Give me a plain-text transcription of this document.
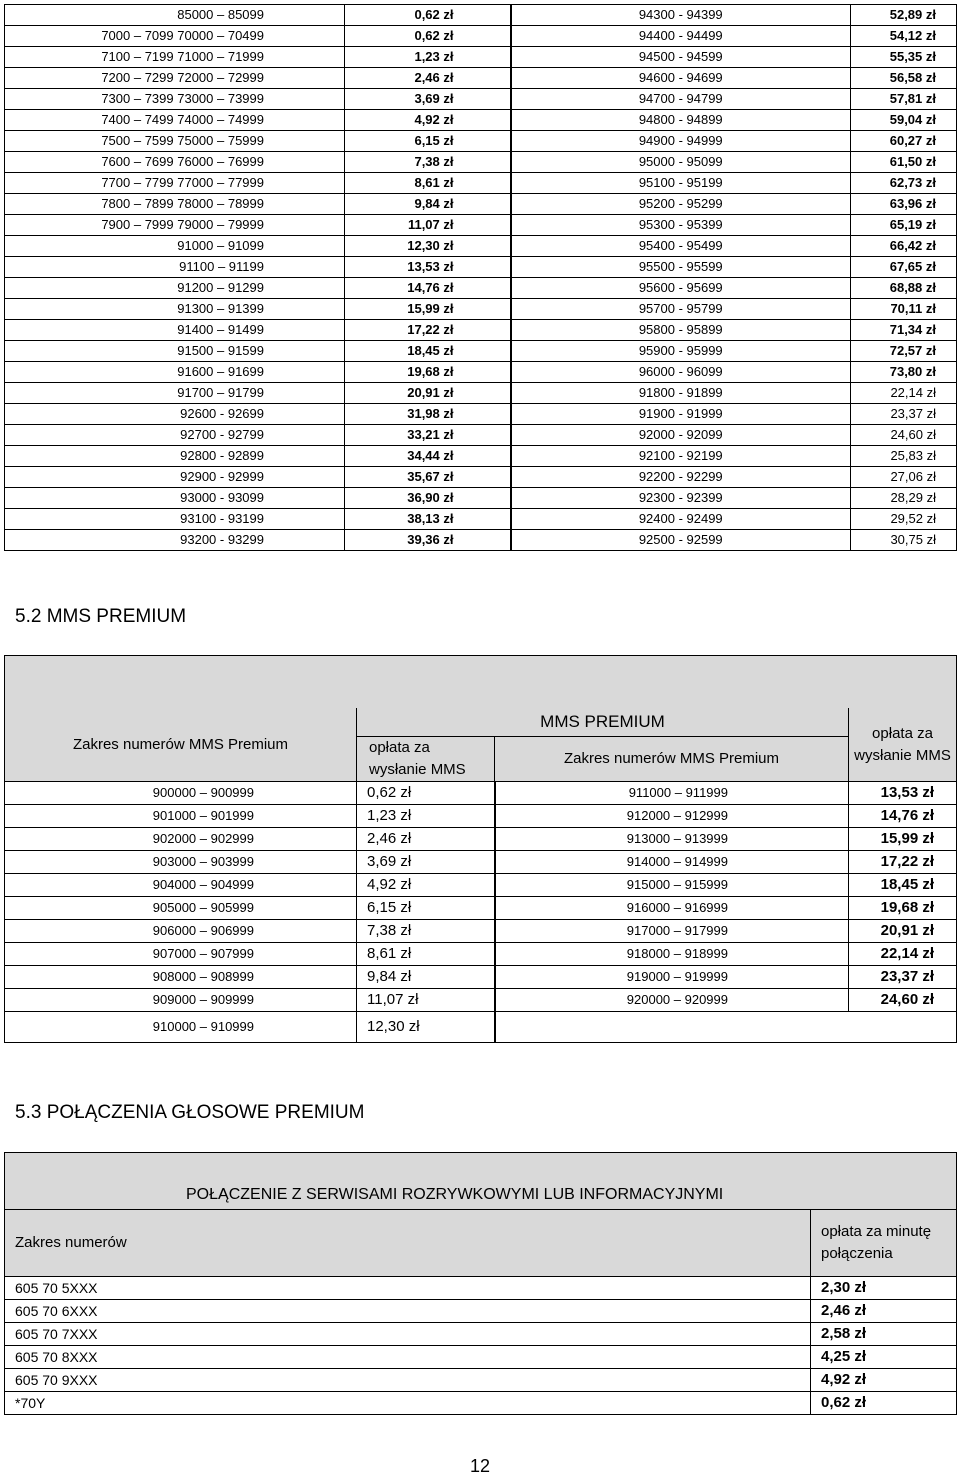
85000 – 85099	0,62 zł	94300 - 94399	52,89 zł
7000 – 7099 70000 – 70499	0,62 zł	94400 - 94499	54,12 zł
7100 – 7199 71000 – 71999	1,23 zł	94500 - 94599	55,35 zł
7200 – 7299 72000 – 72999	2,46 zł	94600 - 94699	56,58 zł
7300 – 7399 73000 – 73999	3,69 zł	94700 - 94799	57,81 zł
7400 – 7499 74000 – 74999	4,92 zł	94800 - 94899	59,04 zł
7500 – 7599 75000 – 75999	6,15 zł	94900 - 94999	60,27 zł
7600 – 7699 76000 – 76999	7,38 zł	95000 - 95099	61,50 zł
7700 – 7799 77000 – 77999	8,61 zł	95100 - 95199	62,73 zł
7800 – 7899 78000 – 78999	9,84 zł	95200 - 95299	63,96 zł
7900 – 7999 79000 – 79999	11,07 zł	95300 - 95399	65,19 zł
91000 – 91099	12,30 zł	95400 - 95499	66,42 zł
91100 – 91199	13,53 zł	95500 - 95599	67,65 zł
91200 – 91299	14,76 zł	95600 - 95699	68,88 zł
91300 – 91399	15,99 zł	95700 - 95799	70,11 zł
91400 – 91499	17,22 zł	95800 - 95899	71,34 zł
91500 – 91599	18,45 zł	95900 - 95999	72,57 zł
91600 – 91699	19,68 zł	96000 - 96099	73,80 zł
91700 – 91799	20,91 zł	91800 - 91899	22,14 zł
92600 - 92699	31,98 zł	91900 - 91999	23,37 zł
92700 - 92799	33,21 zł	92000 - 92099	24,60 zł
92800 - 92899	34,44 zł	92100 - 92199	25,83 zł
92900 - 92999	35,67 zł	92200 - 92299	27,06 zł
93000 - 93099	36,90 zł	92300 - 92399	28,29 zł
93100 - 93199	38,13 zł	92400 - 92499	29,52 zł
93200 - 93299	39,36 zł	92500 - 92599	30,75 zł
5.2 MMS PREMIUM

Zakres numerów MMS Premium	MMS PREMIUM		opłata za wysłanie MMS
	opłata za wysłanie MMS	Zakres numerów MMS Premium	
900000 – 900999	0,62 zł	911000 – 911999	13,53 zł
901000 – 901999	1,23 zł	912000 – 912999	14,76 zł
902000 – 902999	2,46 zł	913000 – 913999	15,99 zł
903000 – 903999	3,69 zł	914000 – 914999	17,22 zł
904000 – 904999	4,92 zł	915000 – 915999	18,45 zł
905000 – 905999	6,15 zł	916000 – 916999	19,68 zł
906000 – 906999	7,38 zł	917000 – 917999	20,91 zł
907000 – 907999	8,61 zł	918000 – 918999	22,14 zł
908000 – 908999	9,84 zł	919000 – 919999	23,37 zł
909000 – 909999	11,07 zł	920000 – 920999	24,60 zł
910000 – 910999	12,30 zł		
5.3 POŁĄCZENIA GŁOSOWE PREMIUM

POŁĄCZENIE Z SERWISAMI ROZRYWKOWYMI LUB INFORMACYJNYMI	
Zakres numerów	opłata za minutę połączenia
605 70 5XXX	2,30 zł
605 70 6XXX	2,46 zł
605 70 7XXX	2,58 zł
605 70 8XXX	4,25 zł
605 70 9XXX	4,92 zł
*70Y	0,62 zł
12
